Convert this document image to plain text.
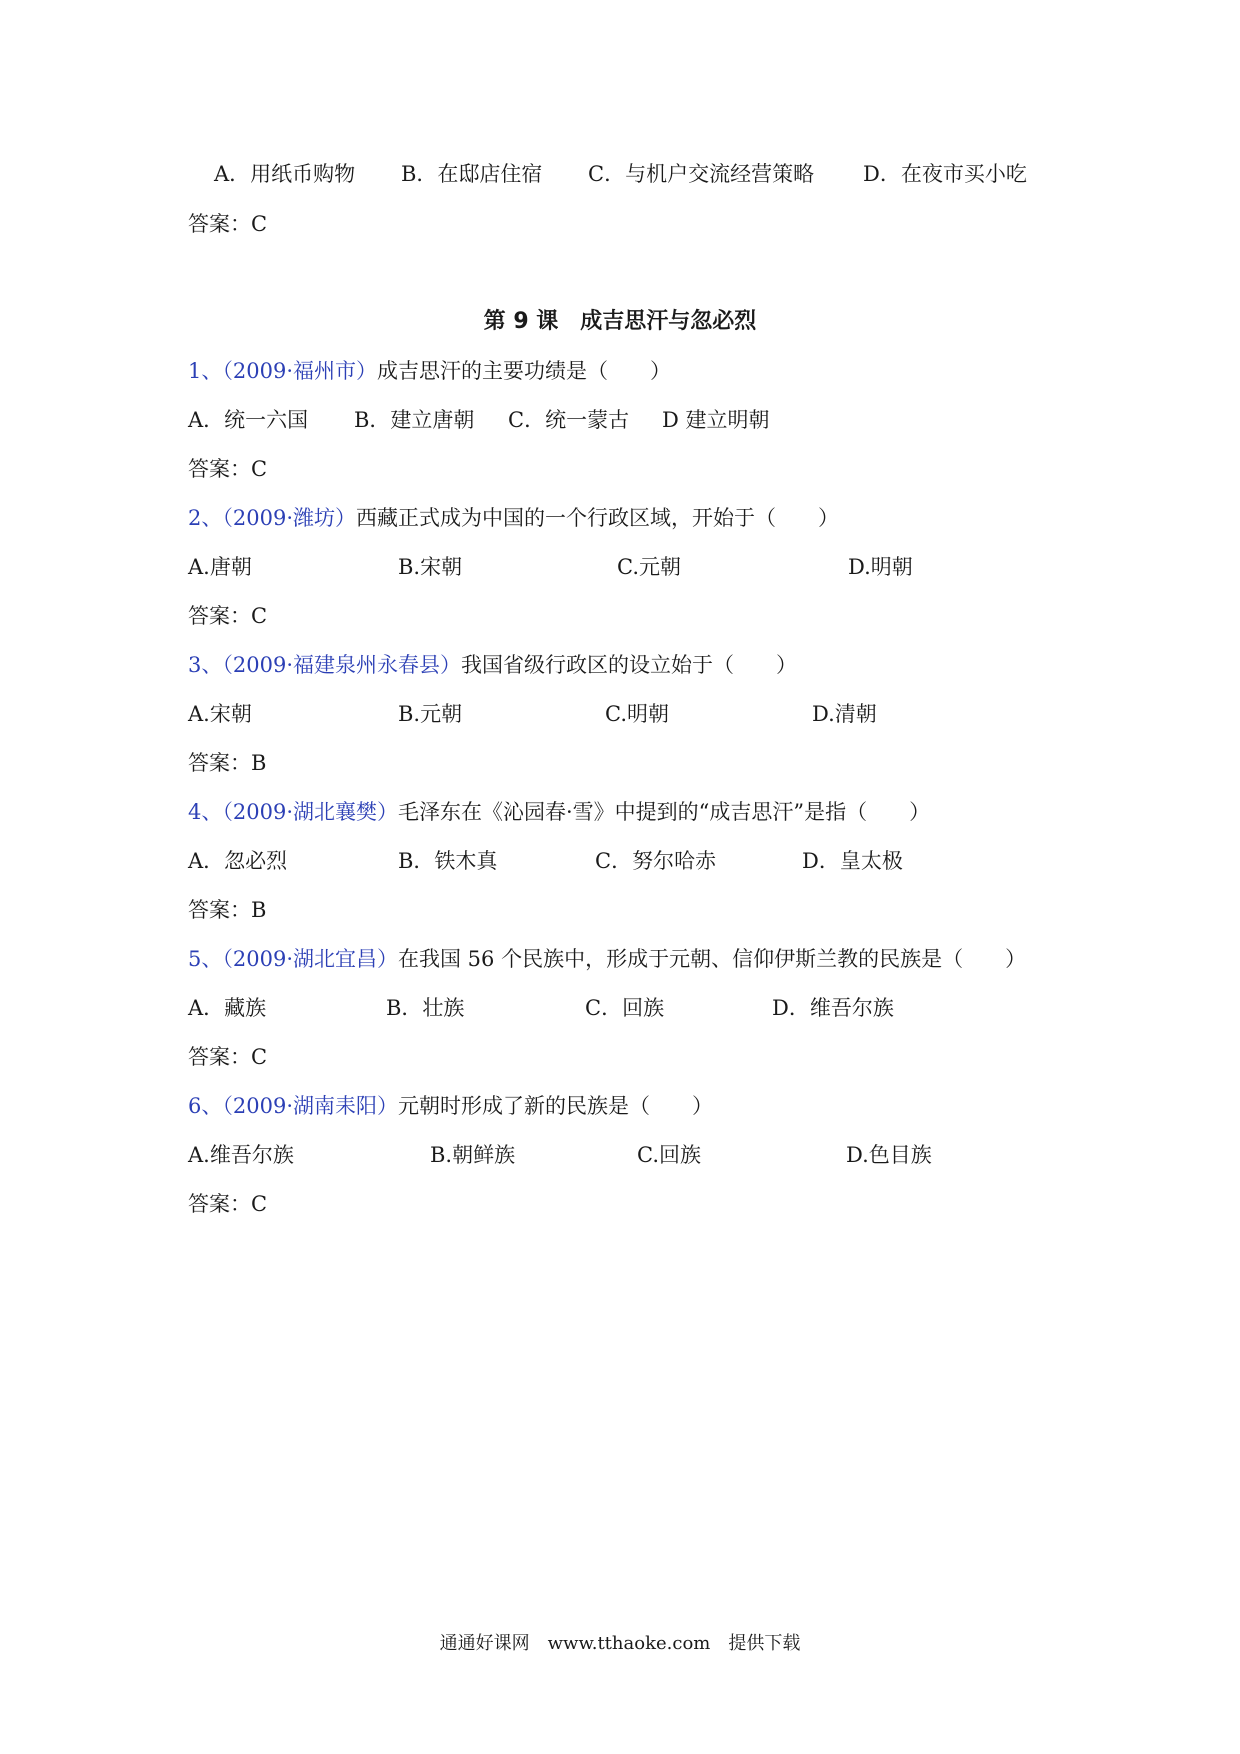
A．用纸币购物 B．在邸店住宿 C．与机户交流经营策略 D．在夜市买小吃
答案：C
第 9 课　成吉思汗与忽必烈
1、（2009·福州市）成吉思汗的主要功绩是（　　）
A．统一六国 B．建立唐朝 C．统一蒙古 D 建立明朝
答案：C
2、（2009·潍坊）西藏正式成为中国的一个行政区域，开始于（　　）
A.唐朝	B.宋朝	C.元朝	D.明朝
答案：C
3、（2009·福建泉州永春县）我国省级行政区的设立始于（　　）
A.宋朝	B.元朝	C.明朝	D.清朝
答案：B
4、（2009·湖北襄樊）毛泽东在《沁园春·雪》中提到的“成吉思汗”是指（　　）
A．忽必烈	B．铁木真	C．努尔哈赤	D．皇太极
答案：B
5、（2009·湖北宜昌）在我国 56 个民族中，形成于元朝、信仰伊斯兰教的民族是（　　）
A．藏族	B．壮族	C．回族	D．维吾尔族
答案：C
6、（2009·湖南耒阳）元朝时形成了新的民族是（　　）
A.维吾尔族	B.朝鲜族	C.回族	D.色目族
答案：C
通通好课网　www.tthaoke.com　提供下载
